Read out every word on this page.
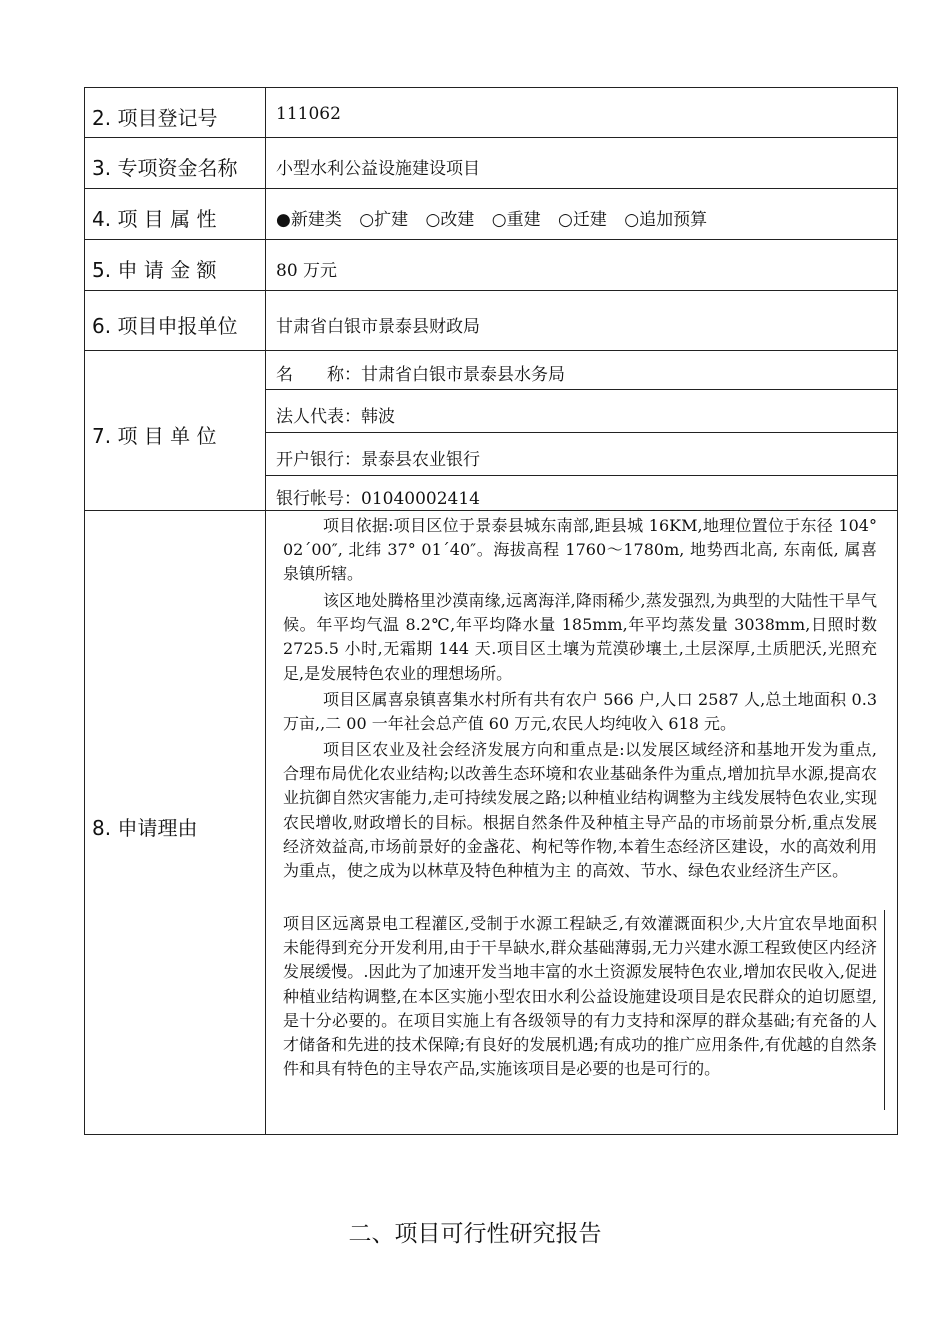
2. 项目登记号	111062
3. 专项资金名称 小型水利公益设施建设项目
4. 项 目 属 性	●新建类 ○扩建 ○改建 ○重建 ○迁建 ○追加预算
5. 申 请 金 额	80 万元
6. 项目申报单位 甘肃省白银市景泰县财政局
7. 项 目 单 位
名　　称：甘肃省白银市景泰县水务局
法人代表：韩波
开户银行：景泰县农业银行
银行帐号：01040002414
8. 申请理由
项目依据:项目区位于景泰县城东南部,距县城 16KM,地理位置位于东径 104° 02´00″, 北纬 37° 01´40″。海拔高程 1760～1780m, 地势西北高, 东南低, 属喜泉镇所辖。
该区地处腾格里沙漠南缘,远离海洋,降雨稀少,蒸发强烈,为典型的大陆性干旱气候。年平均气温 8.2℃,年平均降水量 185mm,年平均蒸发量 3038mm,日照时数 2725.5 小时,无霜期 144 天.项目区土壤为荒漠砂壤土,土层深厚,土质肥沃,光照充足,是发展特色农业的理想场所。
项目区属喜泉镇喜集水村所有共有农户 566 户,人口 2587 人,总土地面积 0.3 万亩,,二 00 一年社会总产值 60 万元,农民人均纯收入 618 元。
项目区农业及社会经济发展方向和重点是:以发展区域经济和基地开发为重点,合理布局优化农业结构;以改善生态环境和农业基础条件为重点,增加抗旱水源,提高农业抗御自然灾害能力,走可持续发展之路;以种植业结构调整为主线发展特色农业,实现农民增收,财政增长的目标。根据自然条件及种植主导产品的市场前景分析,重点发展经济效益高,市场前景好的金盏花、枸杞等作物,本着生态经济区建设，水的高效利用为重点，使之成为以林草及特色种植为主 的高效、节水、绿色农业经济生产区。
项目区远离景电工程灌区,受制于水源工程缺乏,有效灌溉面积少,大片宜农旱地面积 未能得到充分开发利用,由于干旱缺水,群众基础薄弱,无力兴建水源工程致使区内经济发展缓慢。.因此为了加速开发当地丰富的水土资源发展特色农业,增加农民收入,促进种植业结构调整,在本区实施小型农田水利公益设施建设项目是农民群众的迫切愿望,是十分必要的。在项目实施上有各级领导的有力支持和深厚的群众基础;有充备的人才储备和先进的技术保障;有良好的发展机遇;有成功的推广应用条件,有优越的自然条件和具有特色的主导农产品,实施该项目是必要的也是可行的。
二、项目可行性研究报告
